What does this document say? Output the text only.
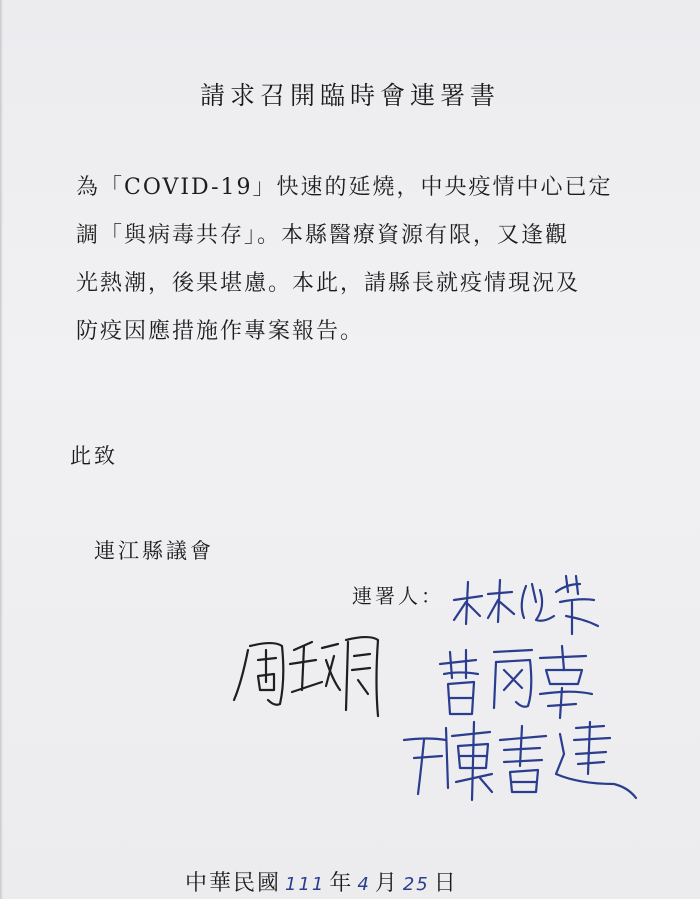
請求召開臨時會連署書
為「COVID-19」快速的延燒，中央疫情中心已定
調「與病毒共存」。本縣醫療資源有限，又逢觀
光熱潮，後果堪慮。本此，請縣長就疫情現況及
防疫因應措施作專案報告。
此致
連江縣議會
連署人：
中華民國 111 年 4 月 25 日
